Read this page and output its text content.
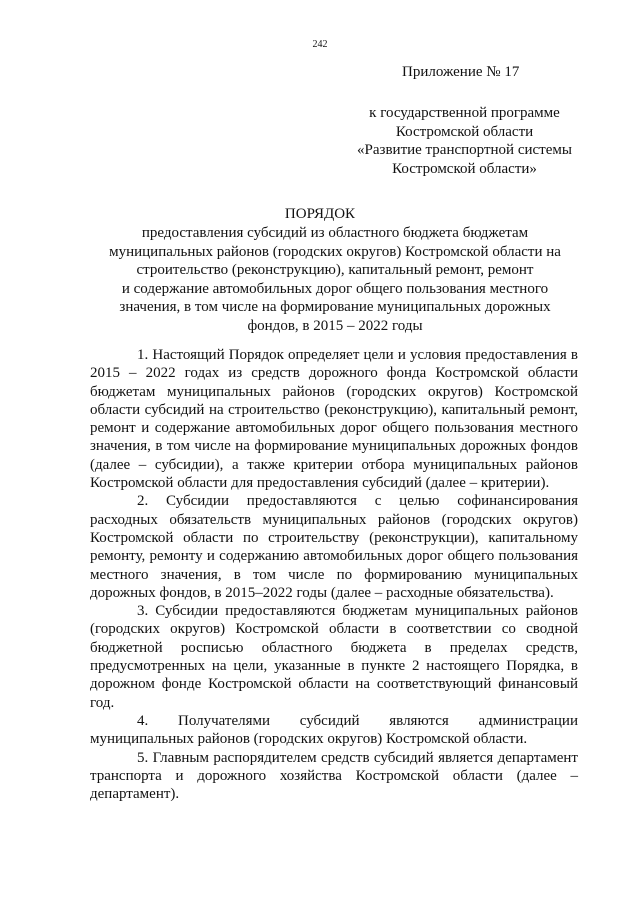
242
Приложение № 17
к государственной программе
Костромской области
«Развитие транспортной системы
Костромской области»
ПОРЯДОК
предоставления субсидий из областного бюджета бюджетам
муниципальных районов (городских округов) Костромской области на
строительство (реконструкцию), капитальный ремонт, ремонт
и содержание автомобильных дорог общего пользования местного
значения, в том числе на формирование муниципальных дорожных
фондов, в 2015 – 2022 годы

1. Настоящий Порядок определяет цели и условия предоставления в 2015 – 2022 годах из средств дорожного фонда Костромской области бюджетам муниципальных районов (городских округов) Костромской области субсидий на строительство (реконструкцию), капитальный ремонт, ремонт и содержание автомобильных дорог общего пользования местного значения, в том числе на формирование муниципальных дорожных фондов (далее – субсидии), а также критерии отбора муниципальных районов Костромской области для предоставления субсидий (далее – критерии).

2. Субсидии предоставляются с целью софинансирования расходных обязательств муниципальных районов (городских округов) Костромской области по строительству (реконструкции), капитальному ремонту, ремонту и содержанию автомобильных дорог общего пользования местного значения, в том числе по формированию муниципальных дорожных фондов, в 2015–2022 годы (далее – расходные обязательства).

3. Субсидии предоставляются бюджетам муниципальных районов (городских округов) Костромской области в соответствии со сводной бюджетной росписью областного бюджета в пределах средств, предусмотренных на цели, указанные в пункте 2 настоящего Порядка, в дорожном фонде Костромской области на соответствующий финансовый год.

4. Получателями субсидий являются администрации муниципальных районов (городских округов) Костромской области.

5. Главным распорядителем средств субсидий является департамент транспорта и дорожного хозяйства Костромской области (далее – департамент).
